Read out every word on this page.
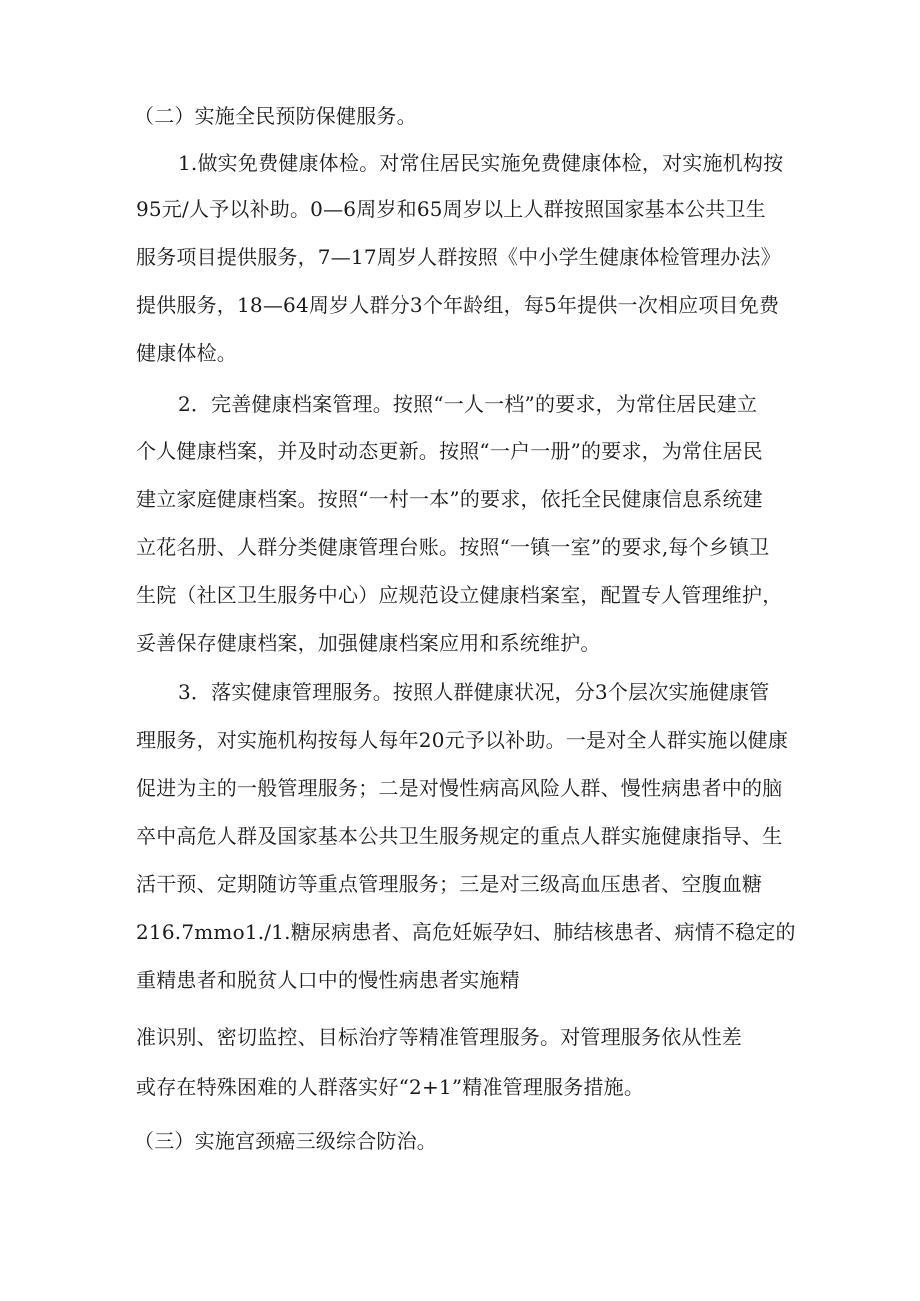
（二）实施全民预防保健服务。
1.做实免费健康体检。对常住居民实施免费健康体检，对实施机构按
95元/人予以补助。0—6周岁和65周岁以上人群按照国家基本公共卫生
服务项目提供服务，7—17周岁人群按照《中小学生健康体检管理办法》
提供服务，18—64周岁人群分3个年龄组，每5年提供一次相应项目免费
健康体检。
2．完善健康档案管理。按照“一人一档”的要求，为常住居民建立
个人健康档案，并及时动态更新。按照“一户一册”的要求，为常住居民
建立家庭健康档案。按照“一村一本”的要求，依托全民健康信息系统建
立花名册、人群分类健康管理台账。按照“一镇一室”的要求,每个乡镇卫
生院（社区卫生服务中心）应规范设立健康档案室，配置专人管理维护，
妥善保存健康档案，加强健康档案应用和系统维护。
3．落实健康管理服务。按照人群健康状况，分3个层次实施健康管
理服务，对实施机构按每人每年20元予以补助。一是对全人群实施以健康
促进为主的一般管理服务；二是对慢性病高风险人群、慢性病患者中的脑
卒中高危人群及国家基本公共卫生服务规定的重点人群实施健康指导、生
活干预、定期随访等重点管理服务；三是对三级高血压患者、空腹血糖
216.7mmo1./1.糖尿病患者、高危妊娠孕妇、肺结核患者、病情不稳定的
重精患者和脱贫人口中的慢性病患者实施精
准识别、密切监控、目标治疗等精准管理服务。对管理服务依从性差
或存在特殊困难的人群落实好“2+1”精准管理服务措施。
（三）实施宫颈癌三级综合防治。
